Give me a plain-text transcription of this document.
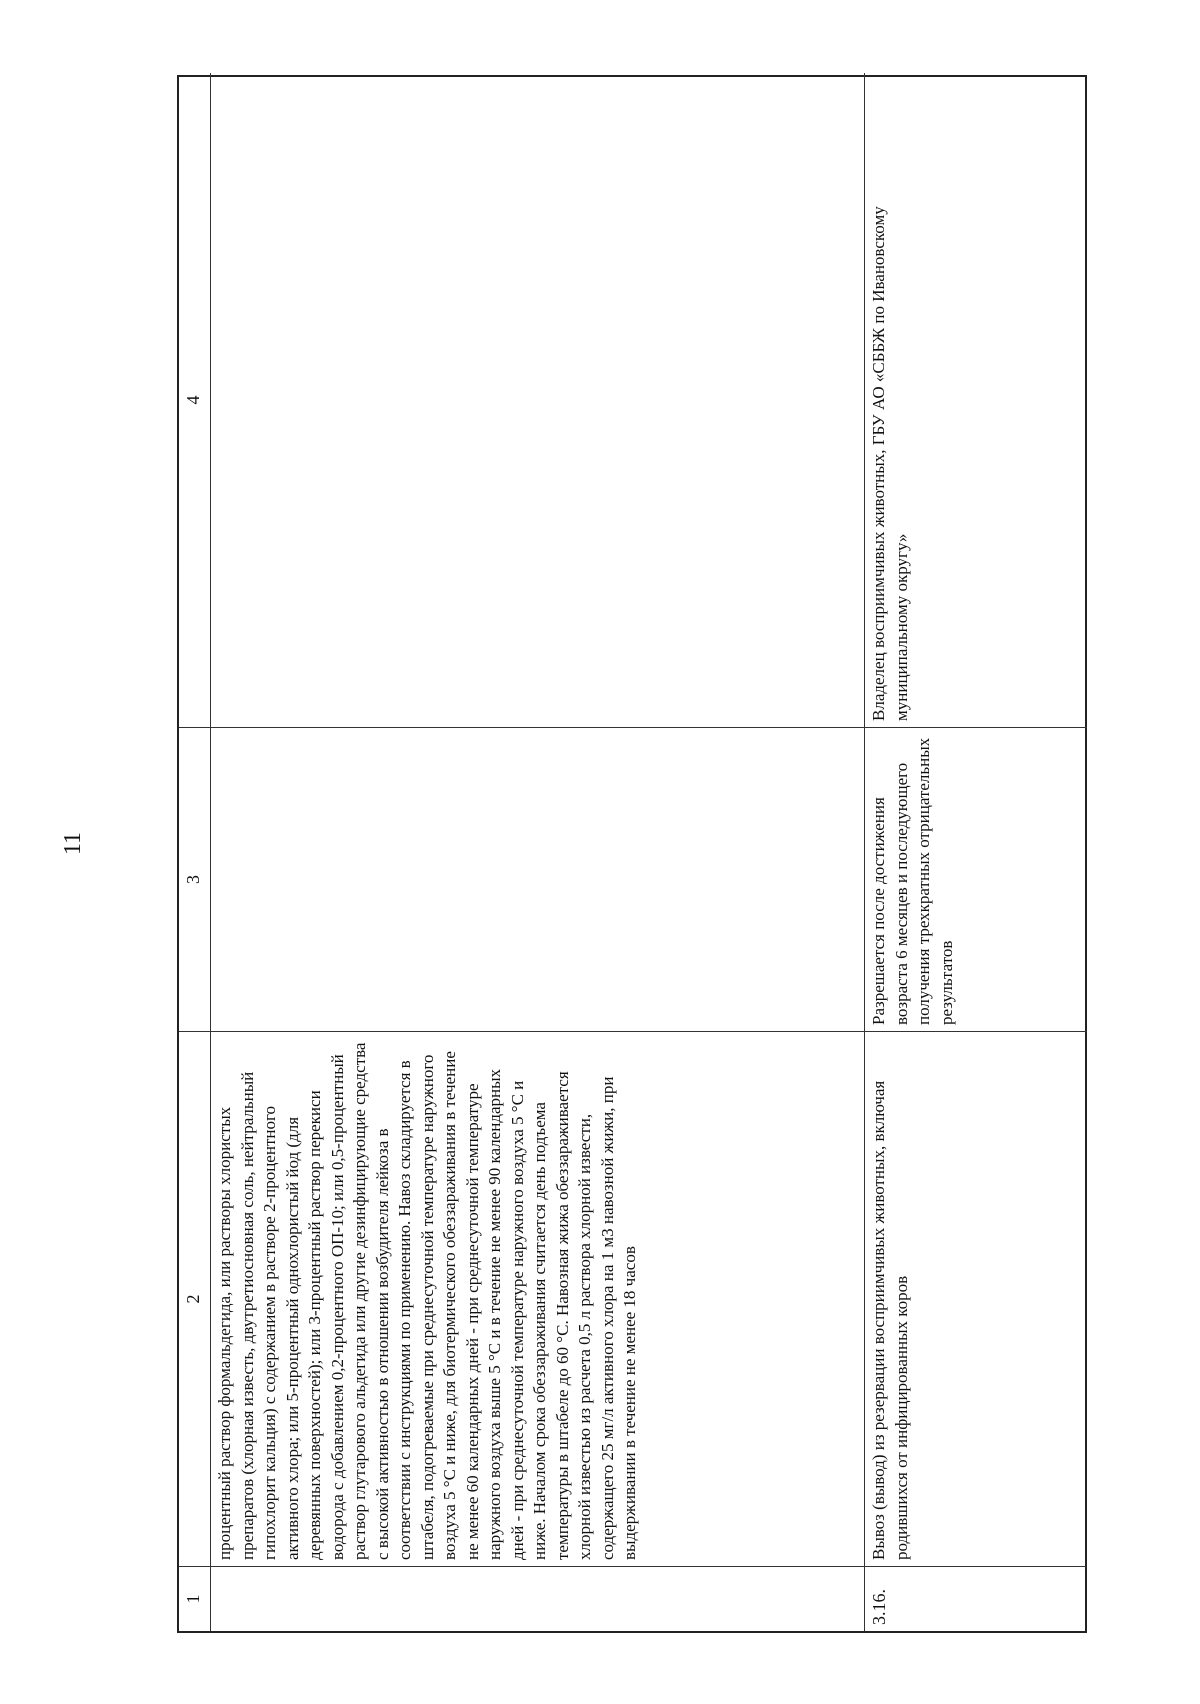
11
1
2
3
4
процентный раствор формальдегида, или растворы хлористых препаратов (хлорная известь, двутретиосновная соль, нейтральный гипохлорит кальция) с содержанием в растворе 2-процентного активного хлора; или 5-процентный однохлористый йод (для деревянных поверхностей); или 3-процентный раствор перекиси водорода с добавлением 0,2-процентного ОП-10; или 0,5-процентный раствор глутарового альдегида или другие дезинфицирующие средства с высокой активностью в отношении возбудителя лейкоза в соответствии с инструкциями по применению. Навоз складируется в штабеля, подогреваемые при среднесуточной температуре наружного воздуха 5 °С и ниже, для биотермического обеззараживания в течение не менее 60 календарных дней - при среднесуточной температуре наружного воздуха выше 5 °С и в течение не менее 90 календарных дней - при среднесуточной температуре наружного воздуха 5 °С и ниже. Началом срока обеззараживания считается день подъема температуры в штабеле до 60 °С. Навозная жижа обеззараживается хлорной известью из расчета 0,5 л раствора хлорной извести, содержащего 25 мг/л активного хлора на 1 м3 навозной жижи, при выдерживании в течение не менее 18 часов
3.16.
Вывоз (вывод) из резервации восприимчивых животных, включая родившихся от инфицированных коров
Разрешается после достижения возраста 6 месяцев и последующего получения трехкратных отрицательных результатов
Владелец восприимчивых животных, ГБУ АО «СББЖ по Ивановскому муниципальному округу»
